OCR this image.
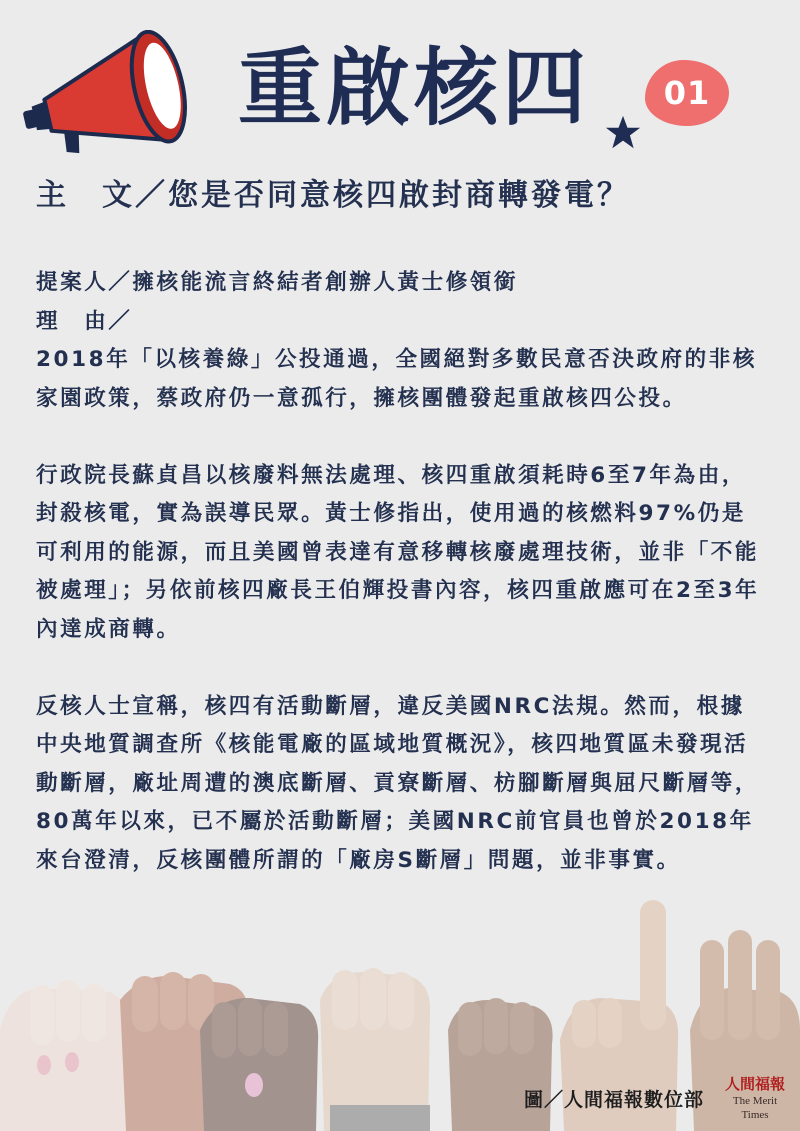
重啟核四 01
主　文／您是否同意核四啟封商轉發電？

提案人／擁核能流言終結者創辦人黃士修領銜

理　由／

2018年「以核養綠」公投通過，全國絕對多數民意否決政府的非核家園政策，蔡政府仍一意孤行，擁核團體發起重啟核四公投。

行政院長蘇貞昌以核廢料無法處理、核四重啟須耗時6至7年為由，封殺核電，實為誤導民眾。黃士修指出，使用過的核燃料97%仍是可利用的能源，而且美國曾表達有意移轉核廢處理技術，並非「不能被處理」；另依前核四廠長王伯輝投書內容，核四重啟應可在2至3年內達成商轉。

反核人士宣稱，核四有活動斷層，違反美國NRC法規。然而，根據中央地質調查所《核能電廠的區域地質概況》，核四地質區未發現活動斷層，廠址周遭的澳底斷層、貢寮斷層、枋腳斷層與屈尺斷層等，80萬年以來，已不屬於活動斷層；美國NRC前官員也曾於2018年來台澄清，反核團體所謂的「廠房S斷層」問題，並非事實。

圖／人間福報數位部

人間福報
The Merit Times
